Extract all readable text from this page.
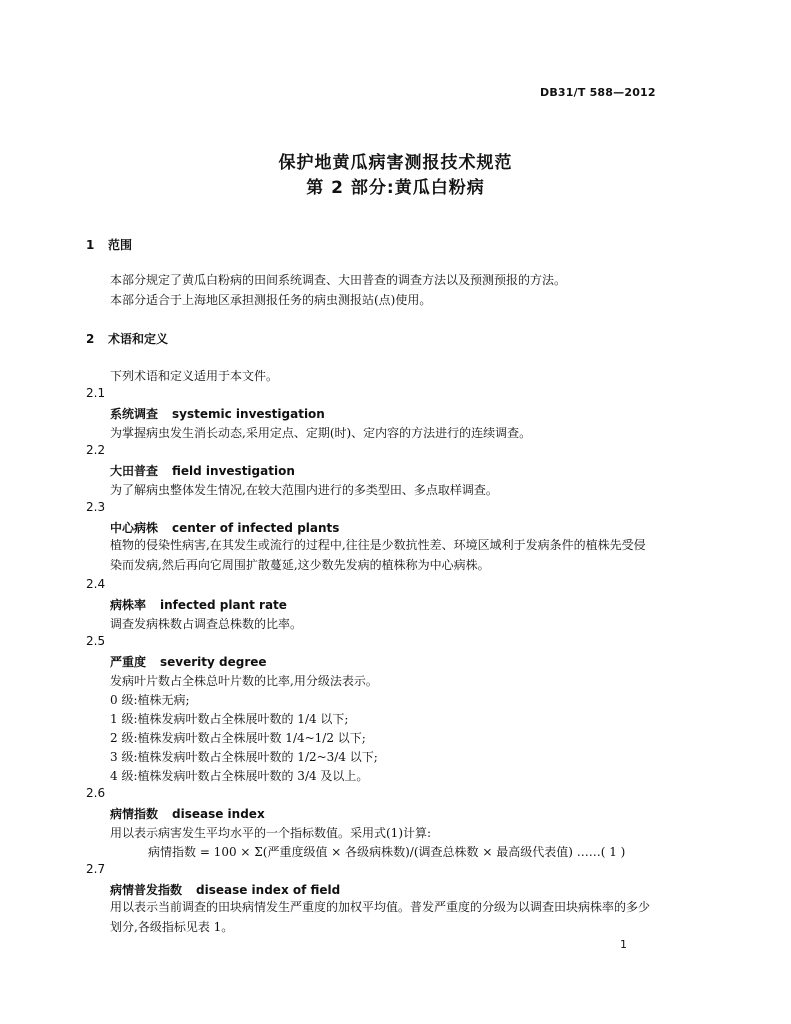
DB31/T 588—2012
保护地黄瓜病害测报技术规范
第 2 部分:黄瓜白粉病
1 范围
本部分规定了黄瓜白粉病的田间系统调查、大田普查的调查方法以及预测预报的方法。
本部分适合于上海地区承担测报任务的病虫测报站(点)使用。
2 术语和定义
下列术语和定义适用于本文件。
2.1
系统调查 systemic investigation
为掌握病虫发生消长动态,采用定点、定期(时)、定内容的方法进行的连续调查。
2.2
大田普查 field investigation
为了解病虫整体发生情况,在较大范围内进行的多类型田、多点取样调查。
2.3
中心病株 center of infected plants
植物的侵染性病害,在其发生或流行的过程中,往往是少数抗性差、环境区域利于发病条件的植株先受侵染而发病,然后再向它周围扩散蔓延,这少数先发病的植株称为中心病株。
2.4
病株率 infected plant rate
调查发病株数占调查总株数的比率。
2.5
严重度 severity degree
发病叶片数占全株总叶片数的比率,用分级法表示。
0 级:植株无病;
1 级:植株发病叶数占全株展叶数的 1/4 以下;
2 级:植株发病叶数占全株展叶数 1/4~1/2 以下;
3 级:植株发病叶数占全株展叶数的 1/2~3/4 以下;
4 级:植株发病叶数占全株展叶数的 3/4 及以上。
2.6
病情指数 disease index
用以表示病害发生平均水平的一个指标数值。采用式(1)计算:
病情指数 = 100 × Σ(严重度级值 × 各级病株数)/(调查总株数 × 最高级代表值) ……( 1 )
2.7
病情普发指数 disease index of field
用以表示当前调查的田块病情发生严重度的加权平均值。普发严重度的分级为以调查田块病株率的多少划分,各级指标见表 1。
1
